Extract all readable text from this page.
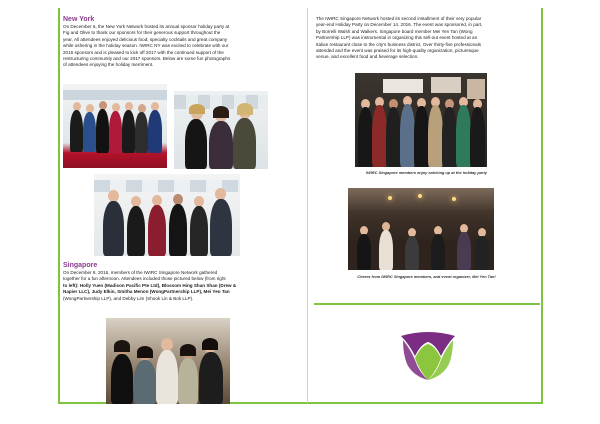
New York
On December 6, the New York Network hosted its annual sponsor holiday party at
Fig and Olive to thank our sponsors for their generous support throughout the
year. All attendees enjoyed delicious food, specialty cocktails and great company
while ushering in the holiday season. IWIRC NY was excited to celebrate with our
2016 sponsors and is pleased to kick off 2017 with the continued support of the
restructuring community and our 2017 sponsors. Below are some fun photographs
of attendees enjoying the holiday merriment.
Singapore
On December 8, 2016, members of the IWIRC Singapore Network gathered
together for a fun afternoon. Attendees included those pictured below (from right
to left): Holly Yuen (Madison Pacific Pte Ltd), Blossom Hing Shan Shan (Drew &
Napier LLC), Judy Elkin, Smitha Menon (WongPartnership LLP), Mei Yen Tan
(WongPartnership LLP), and Debby Lim (Shook Lin & Bok LLP).
The IWIRC Singapore Network hosted its second installment of their very popular
year-end Holiday Party on December 14, 2016. The event was sponsored, in part,
by Borrelli Walsh and Walkers. Singapore board member Mei Yen Tan (Wong
Partnership LLP) was instrumental in organizing this sell-out event hosted at an
Italian restaurant close to the city's business district. Over thirty-five professionals
attended and the event was praised for its high-quality organization, picturesque
venue, and excellent food and beverage selection.
IWIRC Singapore members enjoy catching up at the holiday party
Cheers from IWIRC Singapore members, and event organizer, Mei Yen Tan!
